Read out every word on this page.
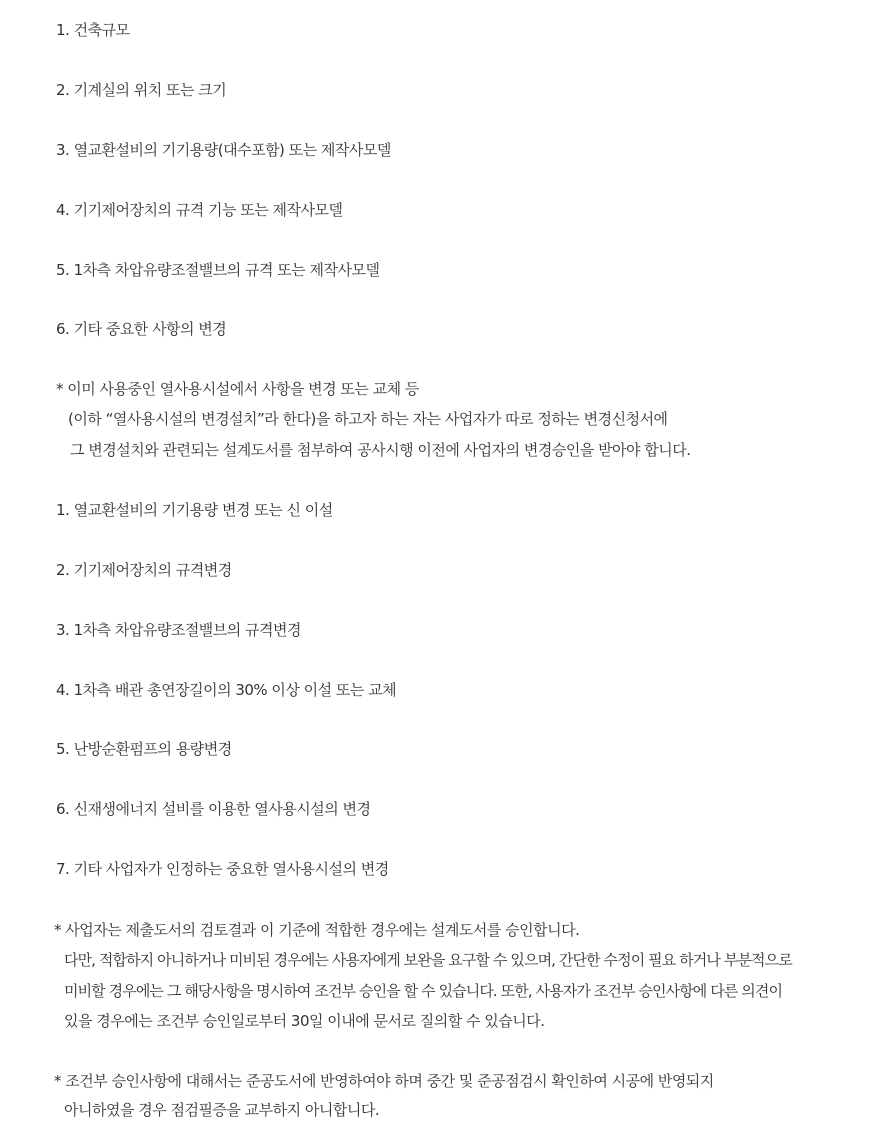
1. 건축규모
2. 기계실의 위치 또는 크기
3. 열교환설비의 기기용량(대수포함) 또는 제작사모델
4. 기기제어장치의 규격 기능 또는 제작사모델
5. 1차측 차압유량조절밸브의 규격 또는 제작사모델
6. 기타 중요한 사항의 변경
* 이미 사용중인 열사용시설에서 사항을 변경 또는 교체 등
(이하 “열사용시설의 변경설치”라 한다)을 하고자 하는 자는 사업자가 따로 정하는 변경신청서에
그 변경설치와 관련되는 설계도서를 첨부하여 공사시행 이전에 사업자의 변경승인을 받아야 합니다.
1. 열교환설비의 기기용량 변경 또는 신 이설
2. 기기제어장치의 규격변경
3. 1차측 차압유량조절밸브의 규격변경
4. 1차측 배관 총연장길이의 30% 이상 이설 또는 교체
5. 난방순환펌프의 용량변경
6. 신재생에너지 설비를 이용한 열사용시설의 변경
7. 기타 사업자가 인정하는 중요한 열사용시설의 변경
* 사업자는 제출도서의 검토결과 이 기준에 적합한 경우에는 설계도서를 승인합니다.
다만, 적합하지 아니하거나 미비된 경우에는 사용자에게 보완을 요구할 수 있으며, 간단한 수정이 필요 하거나 부분적으로
미비할 경우에는 그 해당사항을 명시하여 조건부 승인을 할 수 있습니다. 또한, 사용자가 조건부 승인사항에 다른 의견이
있을 경우에는 조건부 승인일로부터 30일 이내에 문서로 질의할 수 있습니다.
* 조건부 승인사항에 대해서는 준공도서에 반영하여야 하며 중간 및 준공점검시 확인하여 시공에 반영되지
아니하였을 경우 점검필증을 교부하지 아니합니다.
